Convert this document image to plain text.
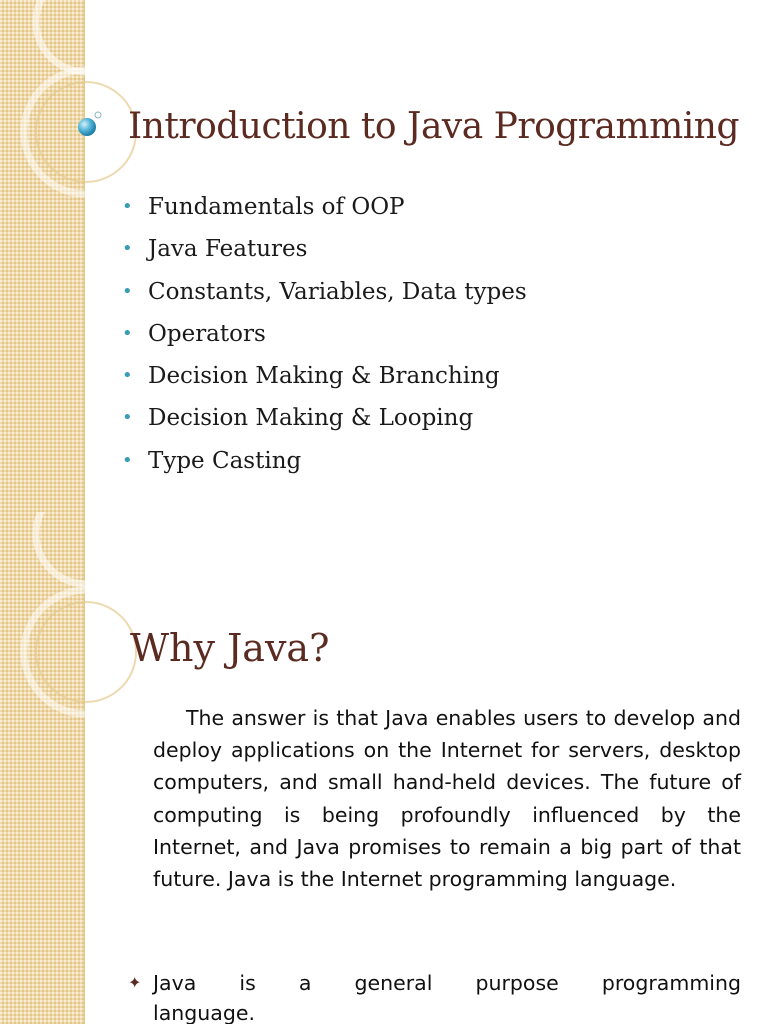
Introduction to Java Programming
• Fundamentals of OOP
• Java Features
• Constants, Variables, Data types
• Operators
• Decision Making & Branching
• Decision Making & Looping
• Type Casting
Why Java?

The answer is that Java enables users to develop and deploy applications on the Internet for servers, desktop computers, and small hand-held devices. The future of computing is being profoundly influenced by the Internet, and Java promises to remain a big part of that future. Java is the Internet programming language.

✦ Java is a general purpose programming
language.
